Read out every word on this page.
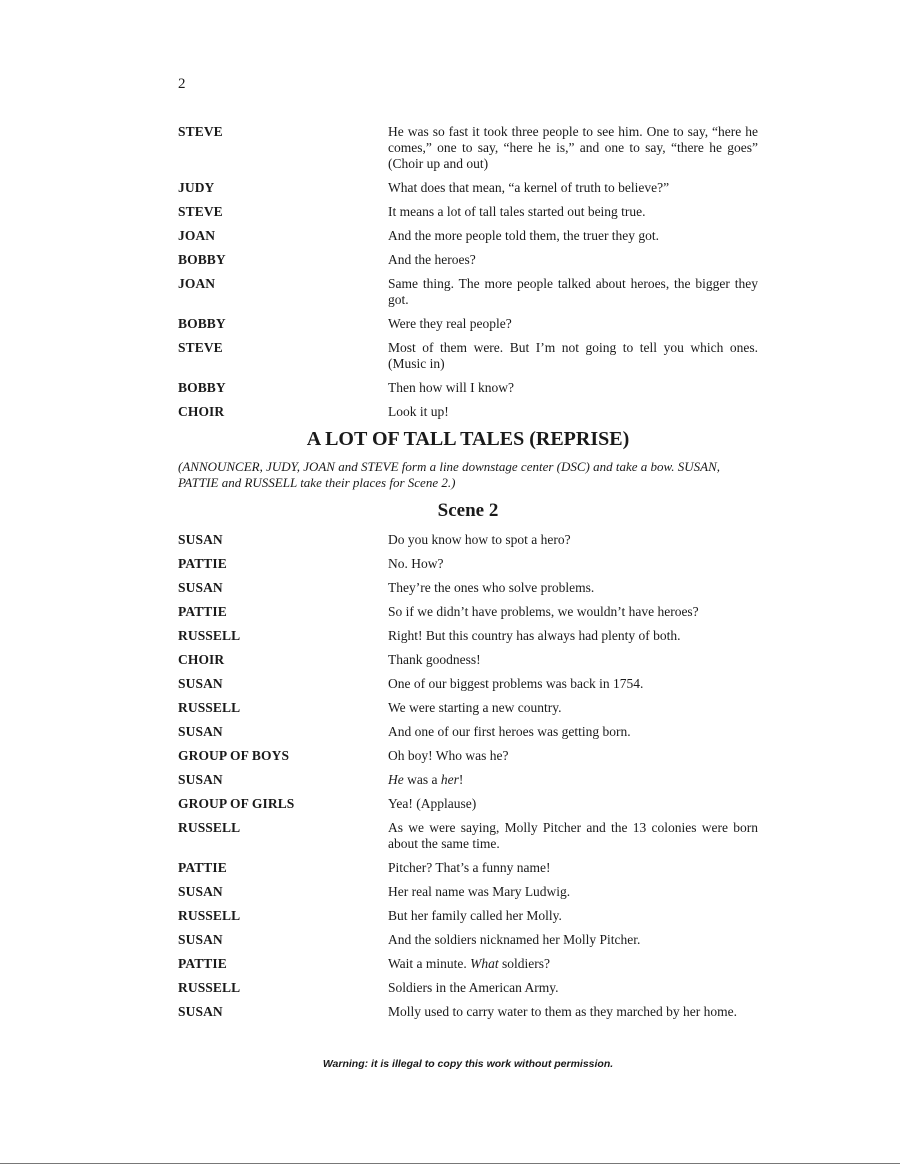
2
STEVE	He was so fast it took three people to see him. One to say, “here he comes,” one to say, “here he is,” and one to say, “there he goes” (Choir up and out)
JUDY	What does that mean, “a kernel of truth to believe?”
STEVE	It means a lot of tall tales started out being true.
JOAN	And the more people told them, the truer they got.
BOBBY	And the heroes?
JOAN	Same thing. The more people talked about heroes, the bigger they got.
BOBBY	Were they real people?
STEVE	Most of them were. But I’m not going to tell you which ones. (Music in)
BOBBY	Then how will I know?
CHOIR	Look it up!
A LOT OF TALL TALES (REPRISE)
(ANNOUNCER, JUDY, JOAN and STEVE form a line downstage center (DSC) and take a bow. SUSAN, PATTIE and RUSSELL take their places for Scene 2.)
Scene 2
SUSAN	Do you know how to spot a hero?
PATTIE	No. How?
SUSAN	They’re the ones who solve problems.
PATTIE	So if we didn’t have problems, we wouldn’t have heroes?
RUSSELL	Right! But this country has always had plenty of both.
CHOIR	Thank goodness!
SUSAN	One of our biggest problems was back in 1754.
RUSSELL	We were starting a new country.
SUSAN	And one of our first heroes was getting born.
GROUP OF BOYS	Oh boy! Who was he?
SUSAN	He was a her!
GROUP OF GIRLS	Yea! (Applause)
RUSSELL	As we were saying, Molly Pitcher and the 13 colonies were born about the same time.
PATTIE	Pitcher? That’s a funny name!
SUSAN	Her real name was Mary Ludwig.
RUSSELL	But her family called her Molly.
SUSAN	And the soldiers nicknamed her Molly Pitcher.
PATTIE	Wait a minute. What soldiers?
RUSSELL	Soldiers in the American Army.
SUSAN	Molly used to carry water to them as they marched by her home.
Warning: it is illegal to copy this work without permission.
